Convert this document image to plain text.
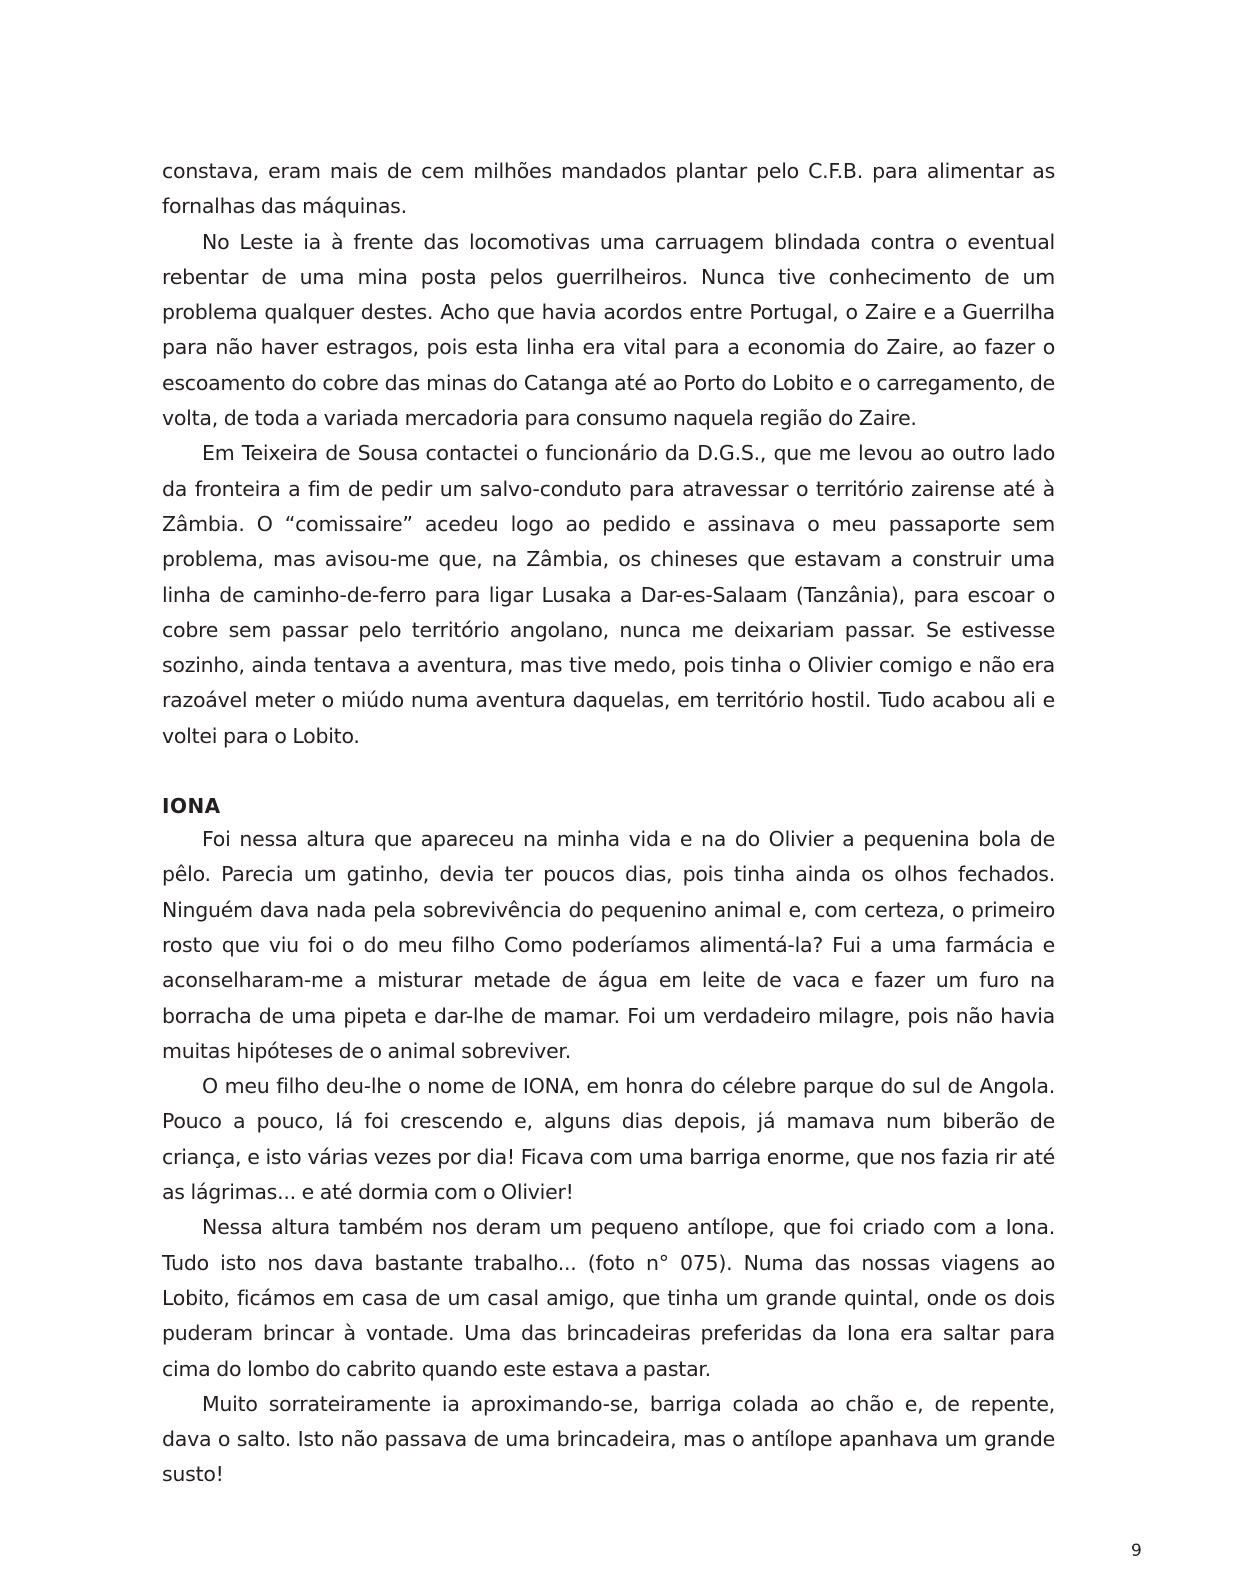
constava, eram mais de cem milhões mandados plantar pelo C.F.B. para alimentar as fornalhas das máquinas.

No Leste ia à frente das locomotivas uma carruagem blindada contra o eventual rebentar de uma mina posta pelos guerrilheiros. Nunca tive conhecimento de um problema qualquer destes. Acho que havia acordos entre Portugal, o Zaire e a Guerrilha para não haver estragos, pois esta linha era vital para a economia do Zaire, ao fazer o escoamento do cobre das minas do Catanga até ao Porto do Lobito e o carregamento, de volta, de toda a variada mercadoria para consumo naquela região do Zaire.

Em Teixeira de Sousa contactei o funcionário da D.G.S., que me levou ao outro lado da fronteira a fim de pedir um salvo-conduto para atravessar o território zairense até à Zâmbia. O “comissaire” acedeu logo ao pedido e assinava o meu passaporte sem problema, mas avisou-me que, na Zâmbia, os chineses que estavam a construir uma linha de caminho-de-ferro para ligar Lusaka a Dar-es-Salaam (Tanzânia), para escoar o cobre sem passar pelo território angolano, nunca me deixariam passar. Se estivesse sozinho, ainda tentava a aventura, mas tive medo, pois tinha o Olivier comigo e não era razoável meter o miúdo numa aventura daquelas, em território hostil. Tudo acabou ali e voltei para o Lobito.

IONA

Foi nessa altura que apareceu na minha vida e na do Olivier a pequenina bola de pêlo. Parecia um gatinho, devia ter poucos dias, pois tinha ainda os olhos fechados. Ninguém dava nada pela sobrevivência do pequenino animal e, com certeza, o primeiro rosto que viu foi o do meu filho Como poderíamos alimentá-la? Fui a uma farmácia e aconselharam-me a misturar metade de água em leite de vaca e fazer um furo na borracha de uma pipeta e dar-lhe de mamar. Foi um verdadeiro milagre, pois não havia muitas hipóteses de o animal sobreviver.

O meu filho deu-lhe o nome de IONA, em honra do célebre parque do sul de Angola. Pouco a pouco, lá foi crescendo e, alguns dias depois, já mamava num biberão de criança, e isto várias vezes por dia! Ficava com uma barriga enorme, que nos fazia rir até as lágrimas... e até dormia com o Olivier!

Nessa altura também nos deram um pequeno antílope, que foi criado com a Iona. Tudo isto nos dava bastante trabalho... (foto n° 075). Numa das nossas viagens ao Lobito, ficámos em casa de um casal amigo, que tinha um grande quintal, onde os dois puderam brincar à vontade. Uma das brincadeiras preferidas da Iona era saltar para cima do lombo do cabrito quando este estava a pastar.

Muito sorrateiramente ia aproximando-se, barriga colada ao chão e, de repente, dava o salto. Isto não passava de uma brincadeira, mas o antílope apanhava um grande susto!

9
